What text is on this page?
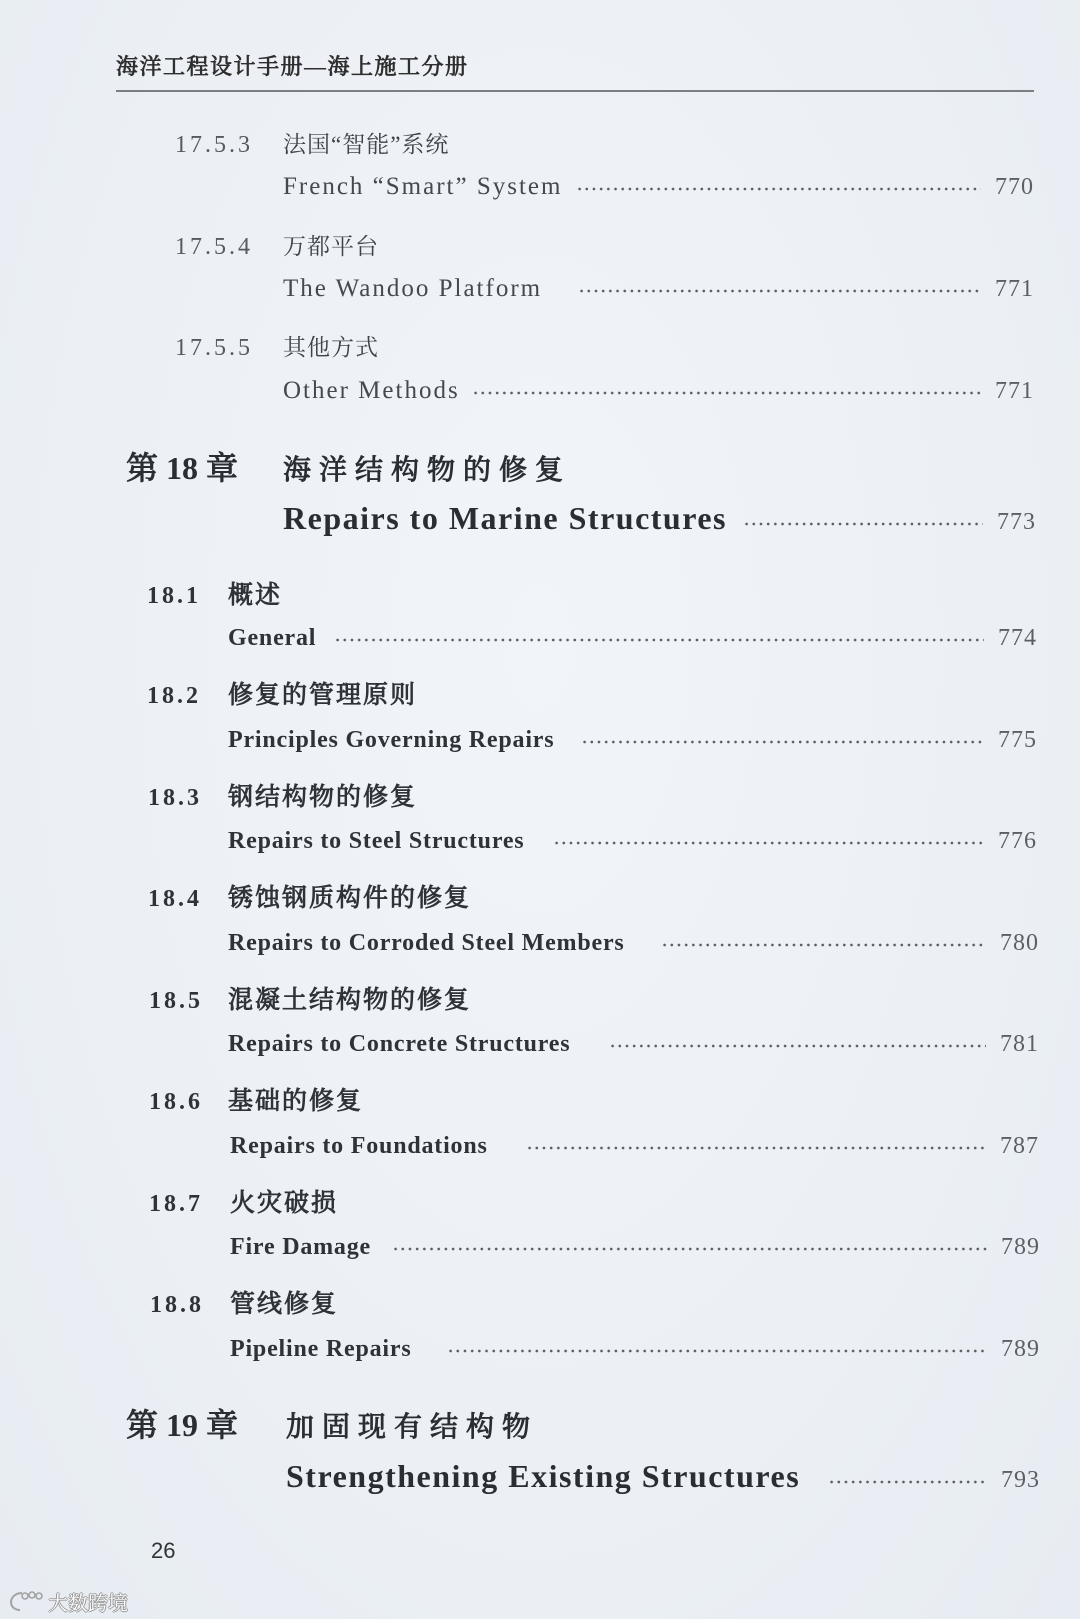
海洋工程设计手册—海上施工分册
17.5.3	法国“智能”系统
French “Smart” System	770
17.5.4	万都平台
The Wandoo Platform	771
17.5.5	其他方式
Other Methods	771
第 18 章	海洋结构物的修复
Repairs to Marine Structures	773
18.1	概述
General	774
18.2	修复的管理原则
Principles Governing Repairs	775
18.3	钢结构物的修复
Repairs to Steel Structures	776
18.4	锈蚀钢质构件的修复
Repairs to Corroded Steel Members	780
18.5	混凝土结构物的修复
Repairs to Concrete Structures	781
18.6	基础的修复
Repairs to Foundations	787
18.7	火灾破损
Fire Damage	789
18.8	管线修复
Pipeline Repairs	789
第 19 章	加固现有结构物
Strengthening Existing Structures	793
26
大数跨境
